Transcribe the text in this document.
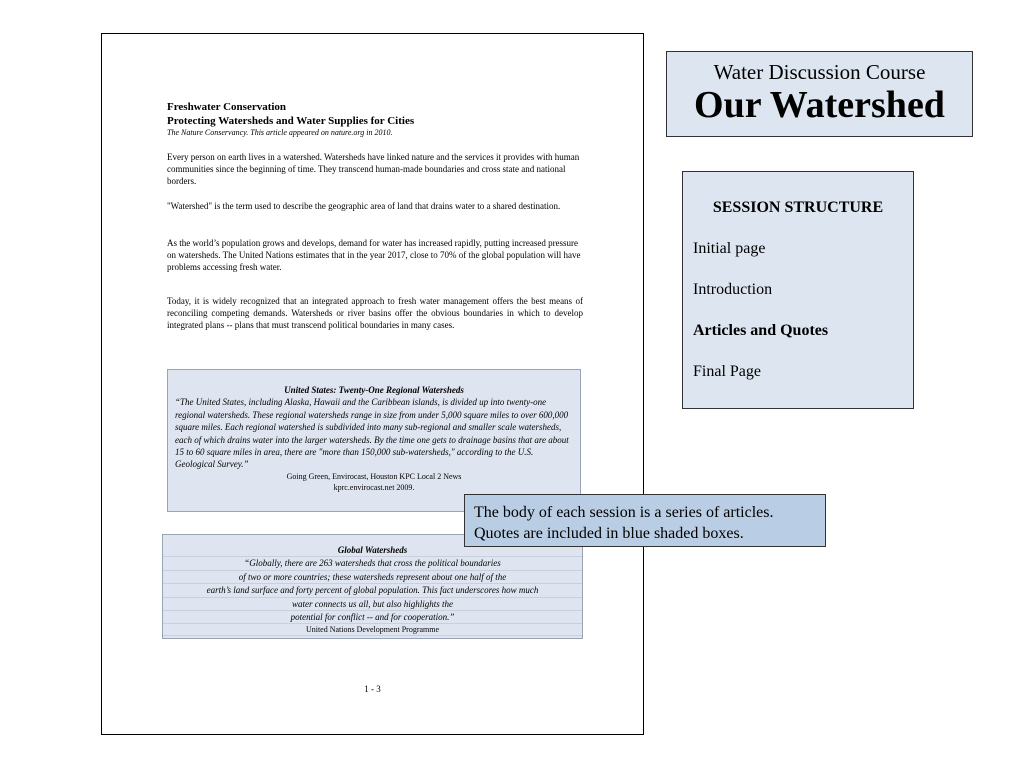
Freshwater Conservation

Protecting Watersheds and Water Supplies for Cities

The Nature Conservancy. This article appeared on nature.org in 2010.

Every person on earth lives in a watershed. Watersheds have linked nature and the services it provides with human communities since the beginning of time. They transcend human-made boundaries and cross state and national borders.

"Watershed" is the term used to describe the geographic area of land that drains water to a shared destination.

As the world’s population grows and develops, demand for water has increased rapidly, putting increased pressure on watersheds. The United Nations estimates that in the year 2017, close to 70% of the global population will have problems accessing fresh water.

Today, it is widely recognized that an integrated approach to fresh water management offers the best means of reconciling competing demands. Watersheds or river basins offer the obvious boundaries in which to develop integrated plans -- plans that must transcend political boundaries in many cases.

United States: Twenty-One Regional Watersheds

“The United States, including Alaska, Hawaii and the Caribbean islands, is divided up into twenty-one regional watersheds. These regional watersheds range in size from under 5,000 square miles to over 600,000 square miles. Each regional watershed is subdivided into many sub-regional and smaller scale watersheds, each of which drains water into the larger watersheds. By the time one gets to drainage basins that are about 15 to 60 square miles in area, there are "more than 150,000 sub-watersheds," according to the U.S. Geological Survey.”

Going Green, Envirocast, Houston KPC Local 2 News

kprc.envirocast.net 2009.

Global Watersheds

“Globally, there are 263 watersheds that cross the political boundaries

of two or more countries; these watersheds represent about one half of the

earth’s land surface and forty percent of global population. This fact underscores how much

water connects us all, but also highlights the

potential for conflict -- and for cooperation.”

United Nations Development Programme

1 - 3
Water Discussion Course
Our Watershed
SESSION STRUCTURE
Initial page
Introduction
Articles and Quotes
Final Page
The body of each session is a series of articles. Quotes are included in blue shaded boxes.
